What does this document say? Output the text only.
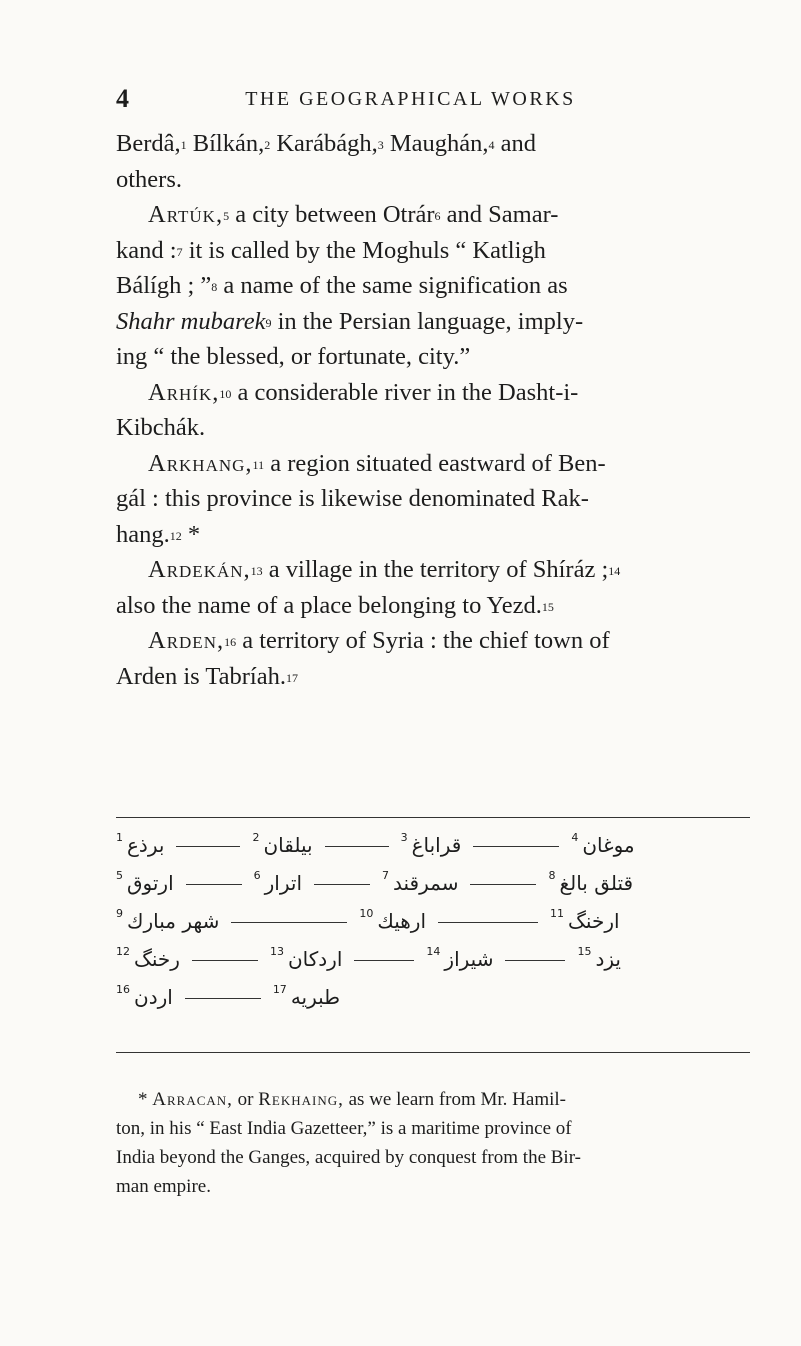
4	THE GEOGRAPHICAL WORKS
Berdâ,$^1$ Bílkán,$^2$ Karábágh,$^3$ Maughán,$^4$ and
others.
Artúk,$^5$ a city between Otrár$^6$ and Samar-
kand :$^7$ it is called by the Moghuls “ Katligh
Bálígh ; ”$^8$ a name of the same signification as
Shahr mubarek$^9$ in the Persian language, imply-
ing “ the blessed, or fortunate, city.”
Arhík,$^{10}$ a considerable river in the Dasht-i-
Kibchák.
Arkhang,$^{11}$ a region situated eastward of Ben-
gál : this province is likewise denominated Rak-
hang.$^{12}$ *
Ardekán,$^{13}$ a village in the territory of Shíráz ;$^{14}$
also the name of a place belonging to Yezd.$^{15}$
Arden,$^{16}$ a territory of Syria : the chief town of
Arden is Tabríah.$^{17}$
1 برذع	2 بيلقان	3 قراباغ	4 موغان
5 ارتوق	6 اترار	7 سمرقند	8 قتلق بالغ
9 شهر مبارك	10 ارهيك	11 ارخنگ
12 رخنگ	13 اردكان	14 شيراز	15 يزد
16 اردن	17 طبريه
* Arracan, or Rekhaing, as we learn from Mr. Hamil-
ton, in his “ East India Gazetteer,” is a maritime province of
India beyond the Ganges, acquired by conquest from the Bir-
man empire.
